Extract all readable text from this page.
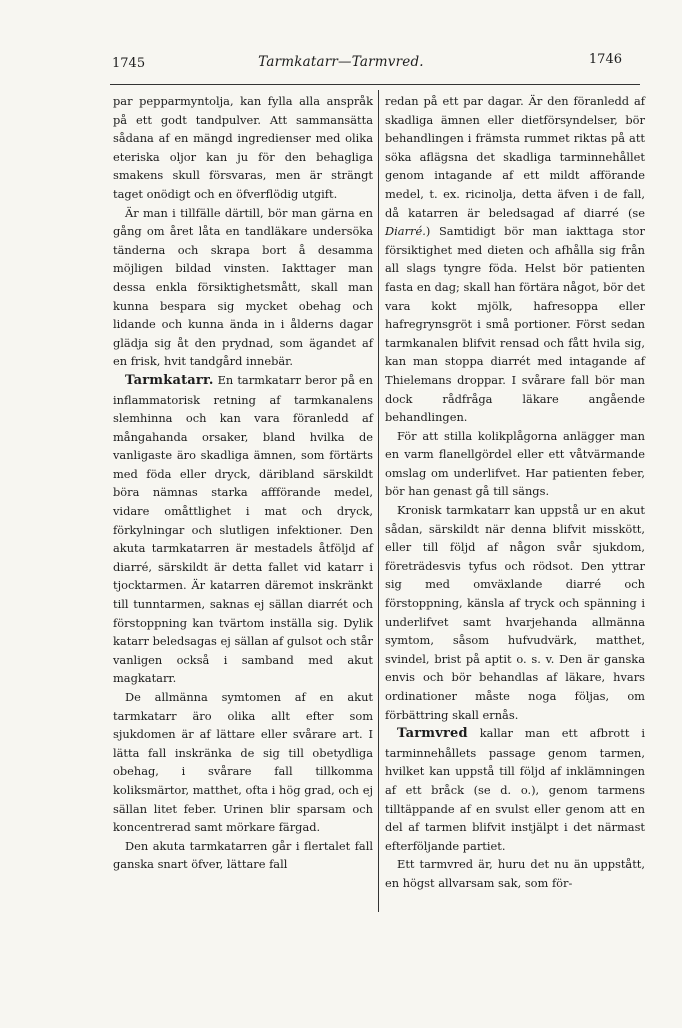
1745	Tarmkatarr—Tarmvred.	1746

par pepparmyntolja, kan fylla alla anspråk på ett godt tandpulver. Att sammansätta sådana af en mängd ingredienser med olika eteriska oljor kan ju för den behagliga smakens skull försvaras, men är strängt taget onödigt och en öfverflödig utgift.

Är man i tillfälle därtill, bör man gärna en gång om året låta en tandläkare undersöka tänderna och skrapa bort å desamma möjligen bildad vinsten. Iakttager man dessa enkla försiktighetsmått, skall man kunna bespara sig mycket obehag och lidande och kunna ända in i ålderns dagar glädja sig åt den prydnad, som ägandet af en frisk, hvit tandgård innebär.

Tarmkatarr. En tarmkatarr beror på en inflammatorisk retning af tarmkanalens slemhinna och kan vara föranledd af mångahanda orsaker, bland hvilka de vanligaste äro skadliga ämnen, som förtärts med föda eller dryck, däribland särskildt böra nämnas starka affförande medel, vidare omåttlighet i mat och dryck, förkylningar och slutligen infektioner. Den akuta tarmkatarren är mestadels åtföljd af diarré, särskildt är detta fallet vid katarr i tjocktarmen. Är katarren däremot inskränkt till tunntarmen, saknas ej sällan diarrét och förstoppning kan tvärtom inställa sig. Dylik katarr beledsagas ej sällan af gulsot och står vanligen också i samband med akut magkatarr.

De allmänna symtomen af en akut tarmkatarr äro olika allt efter som sjukdomen är af lättare eller svårare art. I lätta fall inskränka de sig till obetydliga obehag, i svårare fall tillkomma koliksmärtor, matthet, ofta i hög grad, och ej sällan litet feber. Urinen blir sparsam och koncentrerad samt mörkare färgad.

Den akuta tarmkatarren går i flertalet fall ganska snart öfver, lättare fall

redan på ett par dagar. Är den föranledd af skadliga ämnen eller dietförsyndelser, bör behandlingen i främsta rummet riktas på att söka aflägsna det skadliga tarminnehållet genom intagande af ett mildt afförande medel, t. ex. ricinolja, detta äfven i de fall, då katarren är beledsagad af diarré (se Diarré.) Samtidigt bör man iakttaga stor försiktighet med dieten och afhålla sig från all slags tyngre föda. Helst bör patienten fasta en dag; skall han förtära något, bör det vara kokt mjölk, hafresoppa eller hafregrynsgröt i små portioner. Först sedan tarmkanalen blifvit rensad och fått hvila sig, kan man stoppa diarrét med intagande af Thielemans droppar. I svårare fall bör man dock rådfråga läkare angående behandlingen.

För att stilla kolikplågorna anlägger man en varm flanellgördel eller ett våtvärmande omslag om underlifvet. Har patienten feber, bör han genast gå till sängs.

Kronisk tarmkatarr kan uppstå ur en akut sådan, särskildt när denna blifvit misskött, eller till följd af någon svår sjukdom, företrädesvis tyfus och rödsot. Den yttrar sig med omväxlande diarré och förstoppning, känsla af tryck och spänning i underlifvet samt hvarjehanda allmänna symtom, såsom hufvudvärk, matthet, svindel, brist på aptit o. s. v. Den är ganska envis och bör behandlas af läkare, hvars ordinationer måste noga följas, om förbättring skall ernås.

Tarmvred kallar man ett afbrott i tarminnehållets passage genom tarmen, hvilket kan uppstå till följd af inklämningen af ett bråck (se d. o.), genom tarmens tilltäppande af en svulst eller genom att en del af tarmen blifvit instjälpt i det närmast efterföljande partiet.

Ett tarmvred är, huru det nu än uppstått, en högst allvarsam sak, som för-
